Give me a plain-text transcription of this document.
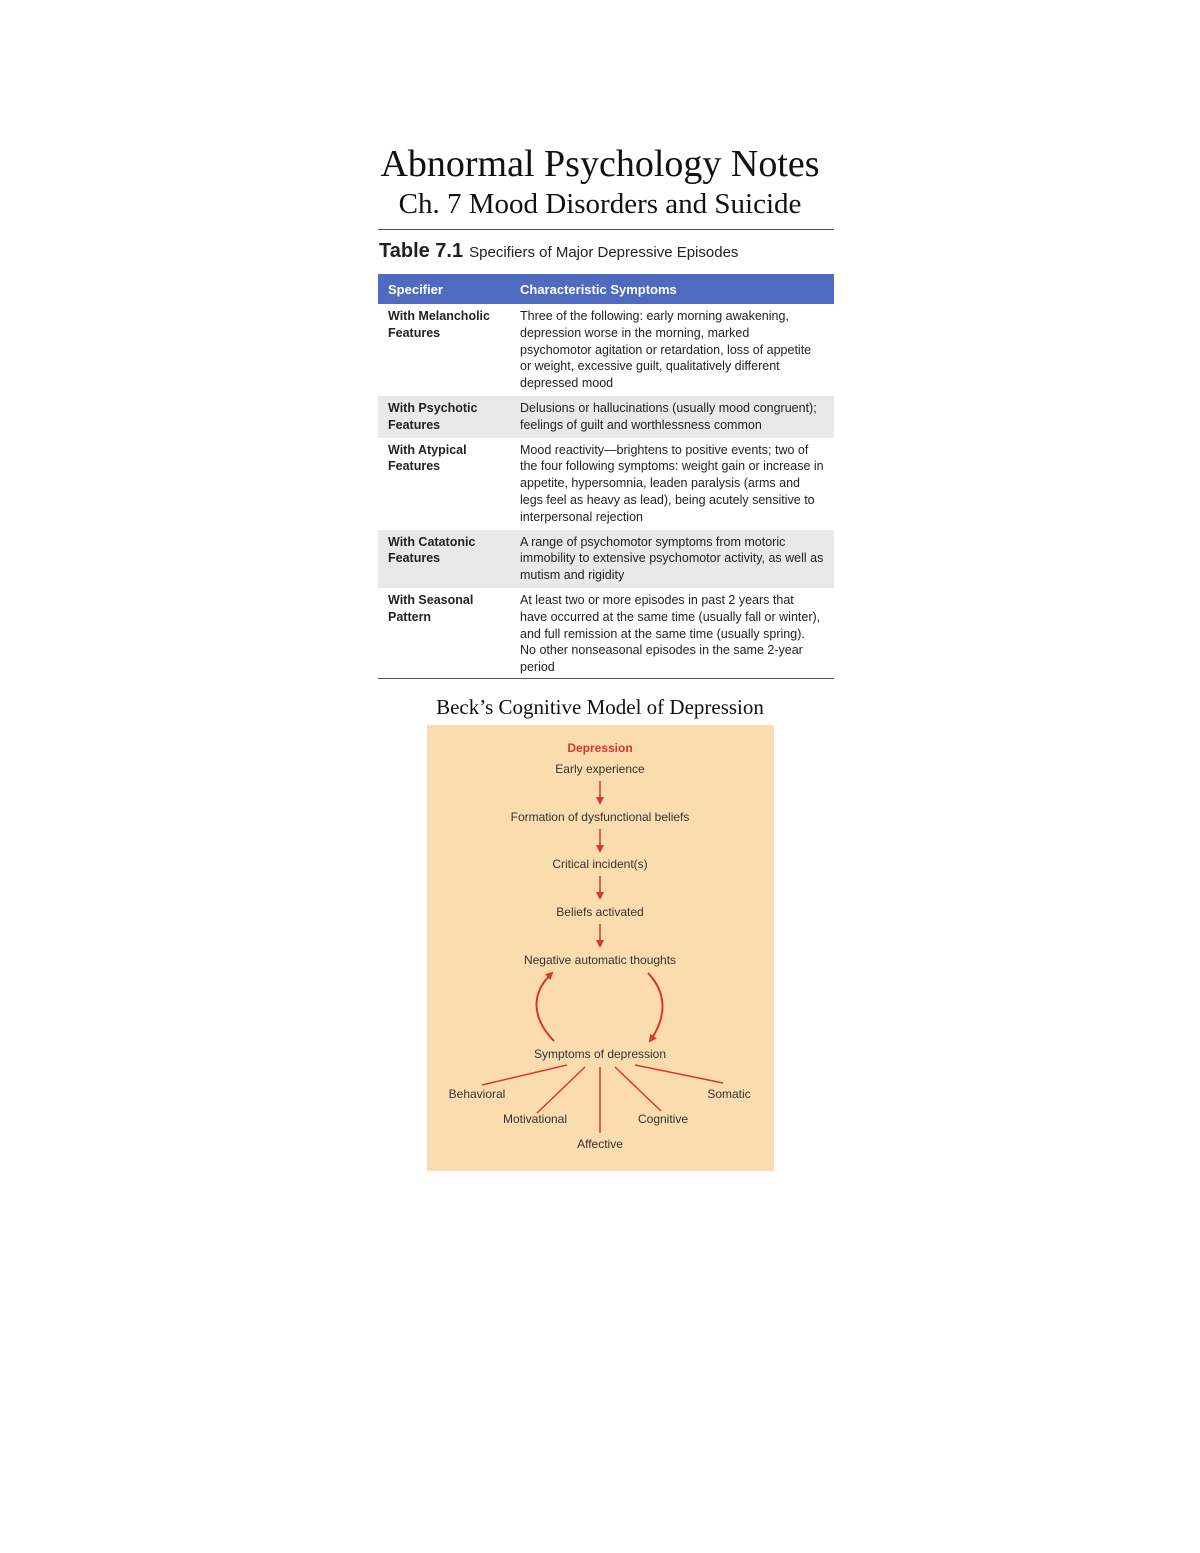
Abnormal Psychology Notes
Ch. 7 Mood Disorders and Suicide
Table 7.1 Specifiers of Major Depressive Episodes
Specifier	Characteristic Symptoms
With Melancholic Features	Three of the following: early morning awakening, depression worse in the morning, marked psychomotor agitation or retardation, loss of appetite or weight, excessive guilt, qualitatively different depressed mood
With Psychotic Features	Delusions or hallucinations (usually mood congruent); feelings of guilt and worthlessness common
With Atypical Features	Mood reactivity—brightens to positive events; two of the four following symptoms: weight gain or increase in appetite, hypersomnia, leaden paralysis (arms and legs feel as heavy as lead), being acutely sensitive to interpersonal rejection
With Catatonic Features	A range of psychomotor symptoms from motoric immobility to extensive psychomotor activity, as well as mutism and rigidity
With Seasonal Pattern	At least two or more episodes in past 2 years that have occurred at the same time (usually fall or winter), and full remission at the same time (usually spring). No other nonseasonal episodes in the same 2-year period
Beck’s Cognitive Model of Depression
Depression
Early experience
Formation of dysfunctional beliefs
Critical incident(s)
Beliefs activated
Negative automatic thoughts
Symptoms of depression
Behavioral
Motivational
Affective
Cognitive
Somatic
